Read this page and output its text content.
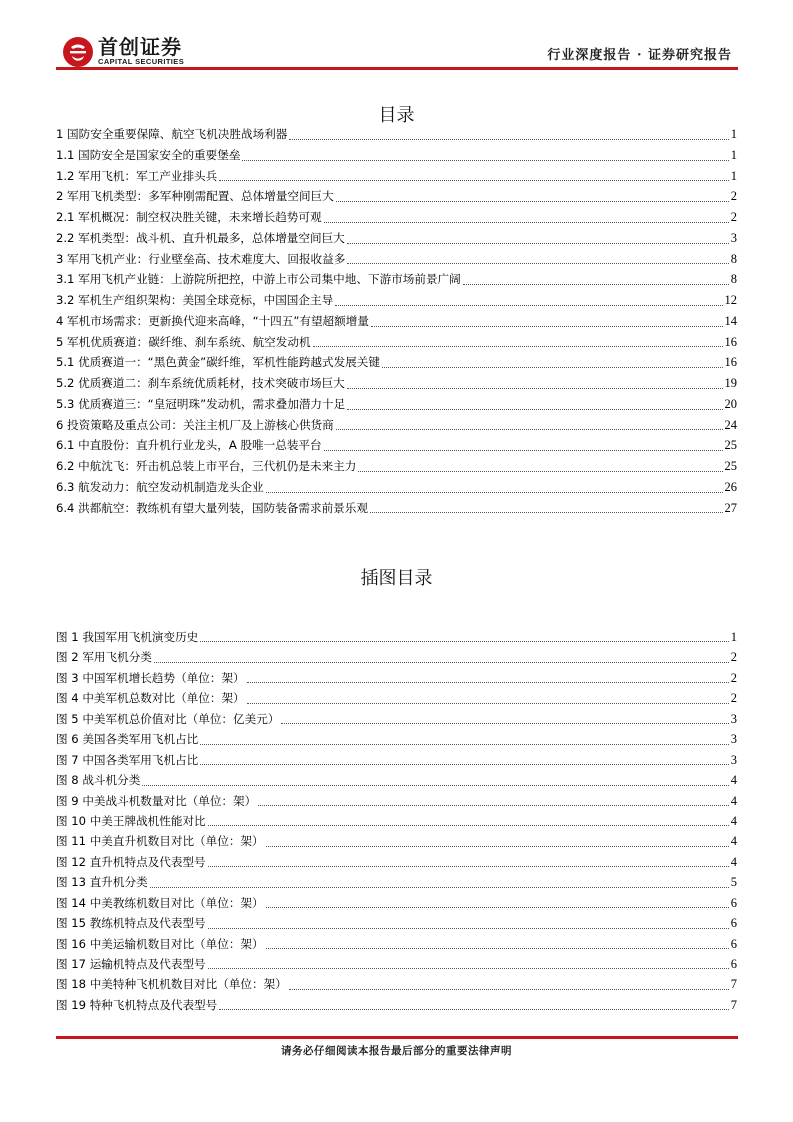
首创证券
CAPITAL SECURITIES	行业深度报告 · 证券研究报告
目录
1 国防安全重要保障、航空飞机决胜战场利器	1
1.1 国防安全是国家安全的重要堡垒	1
1.2 军用飞机：军工产业排头兵	1
2 军用飞机类型：多军种刚需配置、总体增量空间巨大	2
2.1 军机概况：制空权决胜关键，未来增长趋势可观	2
2.2 军机类型：战斗机、直升机最多，总体增量空间巨大	3
3 军用飞机产业：行业壁垒高、技术难度大、回报收益多	8
3.1 军用飞机产业链：上游院所把控，中游上市公司集中地、下游市场前景广阔	8
3.2 军机生产组织架构：美国全球竞标，中国国企主导	12
4 军机市场需求：更新换代迎来高峰，“十四五”有望超额增量	14
5 军机优质赛道：碳纤维、刹车系统、航空发动机	16
5.1 优质赛道一：“黑色黄金”碳纤维，军机性能跨越式发展关键	16
5.2 优质赛道二：刹车系统优质耗材，技术突破市场巨大	19
5.3 优质赛道三：“皇冠明珠”发动机，需求叠加潜力十足	20
6 投资策略及重点公司：关注主机厂及上游核心供货商	24
6.1 中直股份：直升机行业龙头，A 股唯一总装平台	25
6.2 中航沈飞：歼击机总装上市平台，三代机仍是未来主力	25
6.3 航发动力：航空发动机制造龙头企业	26
6.4 洪都航空：教练机有望大量列装，国防装备需求前景乐观	27
插图目录
图 1 我国军用飞机演变历史	1
图 2 军用飞机分类	2
图 3 中国军机增长趋势（单位：架）	2
图 4 中美军机总数对比（单位：架）	2
图 5 中美军机总价值对比（单位：亿美元）	3
图 6 美国各类军用飞机占比	3
图 7 中国各类军用飞机占比	3
图 8 战斗机分类	4
图 9 中美战斗机数量对比（单位：架）	4
图 10 中美王牌战机性能对比	4
图 11 中美直升机数目对比（单位：架）	4
图 12 直升机特点及代表型号	4
图 13 直升机分类	5
图 14 中美教练机数目对比（单位：架）	6
图 15 教练机特点及代表型号	6
图 16 中美运输机数目对比（单位：架）	6
图 17 运输机特点及代表型号	6
图 18 中美特种飞机机数目对比（单位：架）	7
图 19 特种飞机特点及代表型号	7
请务必仔细阅读本报告最后部分的重要法律声明
